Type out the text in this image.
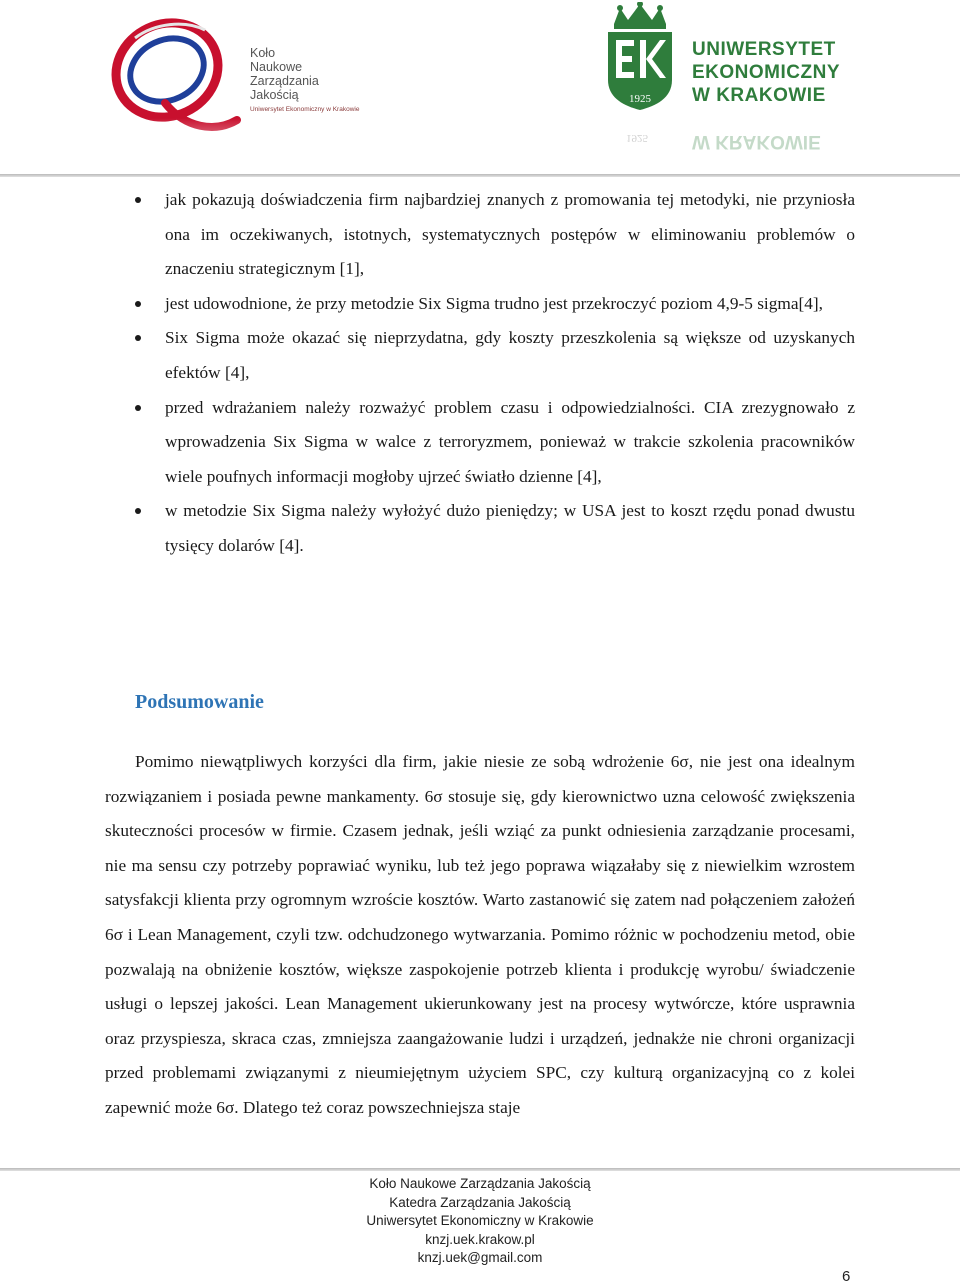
Koło
Naukowe
Zarządzania
Jakością
Uniwersytet Ekonomiczny w Krakowie
1925
UNIWERSYTET
EKONOMICZNY
W KRAKOWIE
1925 W KRAKOWIE
jak pokazują doświadczenia firm najbardziej znanych z promowania tej metodyki, nie przyniosła ona im oczekiwanych, istotnych, systematycznych postępów w eliminowaniu problemów o znaczeniu strategicznym [1],
jest udowodnione, że przy metodzie Six Sigma trudno jest przekroczyć poziom 4,9-5 sigma[4],
Six Sigma może okazać się nieprzydatna, gdy koszty przeszkolenia są większe od uzyskanych efektów [4],
przed wdrażaniem należy rozważyć problem czasu i odpowiedzialności. CIA zrezygnowało z wprowadzenia Six Sigma w walce z terroryzmem, ponieważ w trakcie szkolenia pracowników wiele poufnych informacji mogłoby ujrzeć światło dzienne [4],
w metodzie Six Sigma należy wyłożyć dużo pieniędzy; w USA jest to koszt rzędu ponad dwustu tysięcy dolarów [4].
Podsumowanie

Pomimo niewątpliwych korzyści dla firm, jakie niesie ze sobą wdrożenie 6σ, nie jest ona idealnym rozwiązaniem i posiada pewne mankamenty. 6σ stosuje się, gdy kierownictwo uzna celowość zwiększenia skuteczności procesów w firmie. Czasem jednak, jeśli wziąć za punkt odniesienia zarządzanie procesami, nie ma sensu czy potrzeby poprawiać wyniku, lub też jego poprawa wiązałaby się z niewielkim wzrostem satysfakcji klienta przy ogromnym wzroście kosztów. Warto zastanowić się zatem nad połączeniem założeń 6σ i Lean Management, czyli tzw. odchudzonego wytwarzania. Pomimo różnic w pochodzeniu metod, obie pozwalają na obniżenie kosztów, większe zaspokojenie potrzeb klienta i produkcję wyrobu/ świadczenie usługi o lepszej jakości. Lean Management ukierunkowany jest na procesy wytwórcze, które usprawnia oraz przyspiesza, skraca czas, zmniejsza zaangażowanie ludzi i urządzeń, jednakże nie chroni organizacji przed problemami związanymi z nieumiejętnym użyciem SPC, czy kulturą organizacyjną co z kolei zapewnić może 6σ. Dlatego też coraz powszechniejsza staje

Koło Naukowe Zarządzania Jakością
Katedra Zarządzania Jakością
Uniwersytet Ekonomiczny w Krakowie
knzj.uek.krakow.pl
knzj.uek@gmail.com
6
